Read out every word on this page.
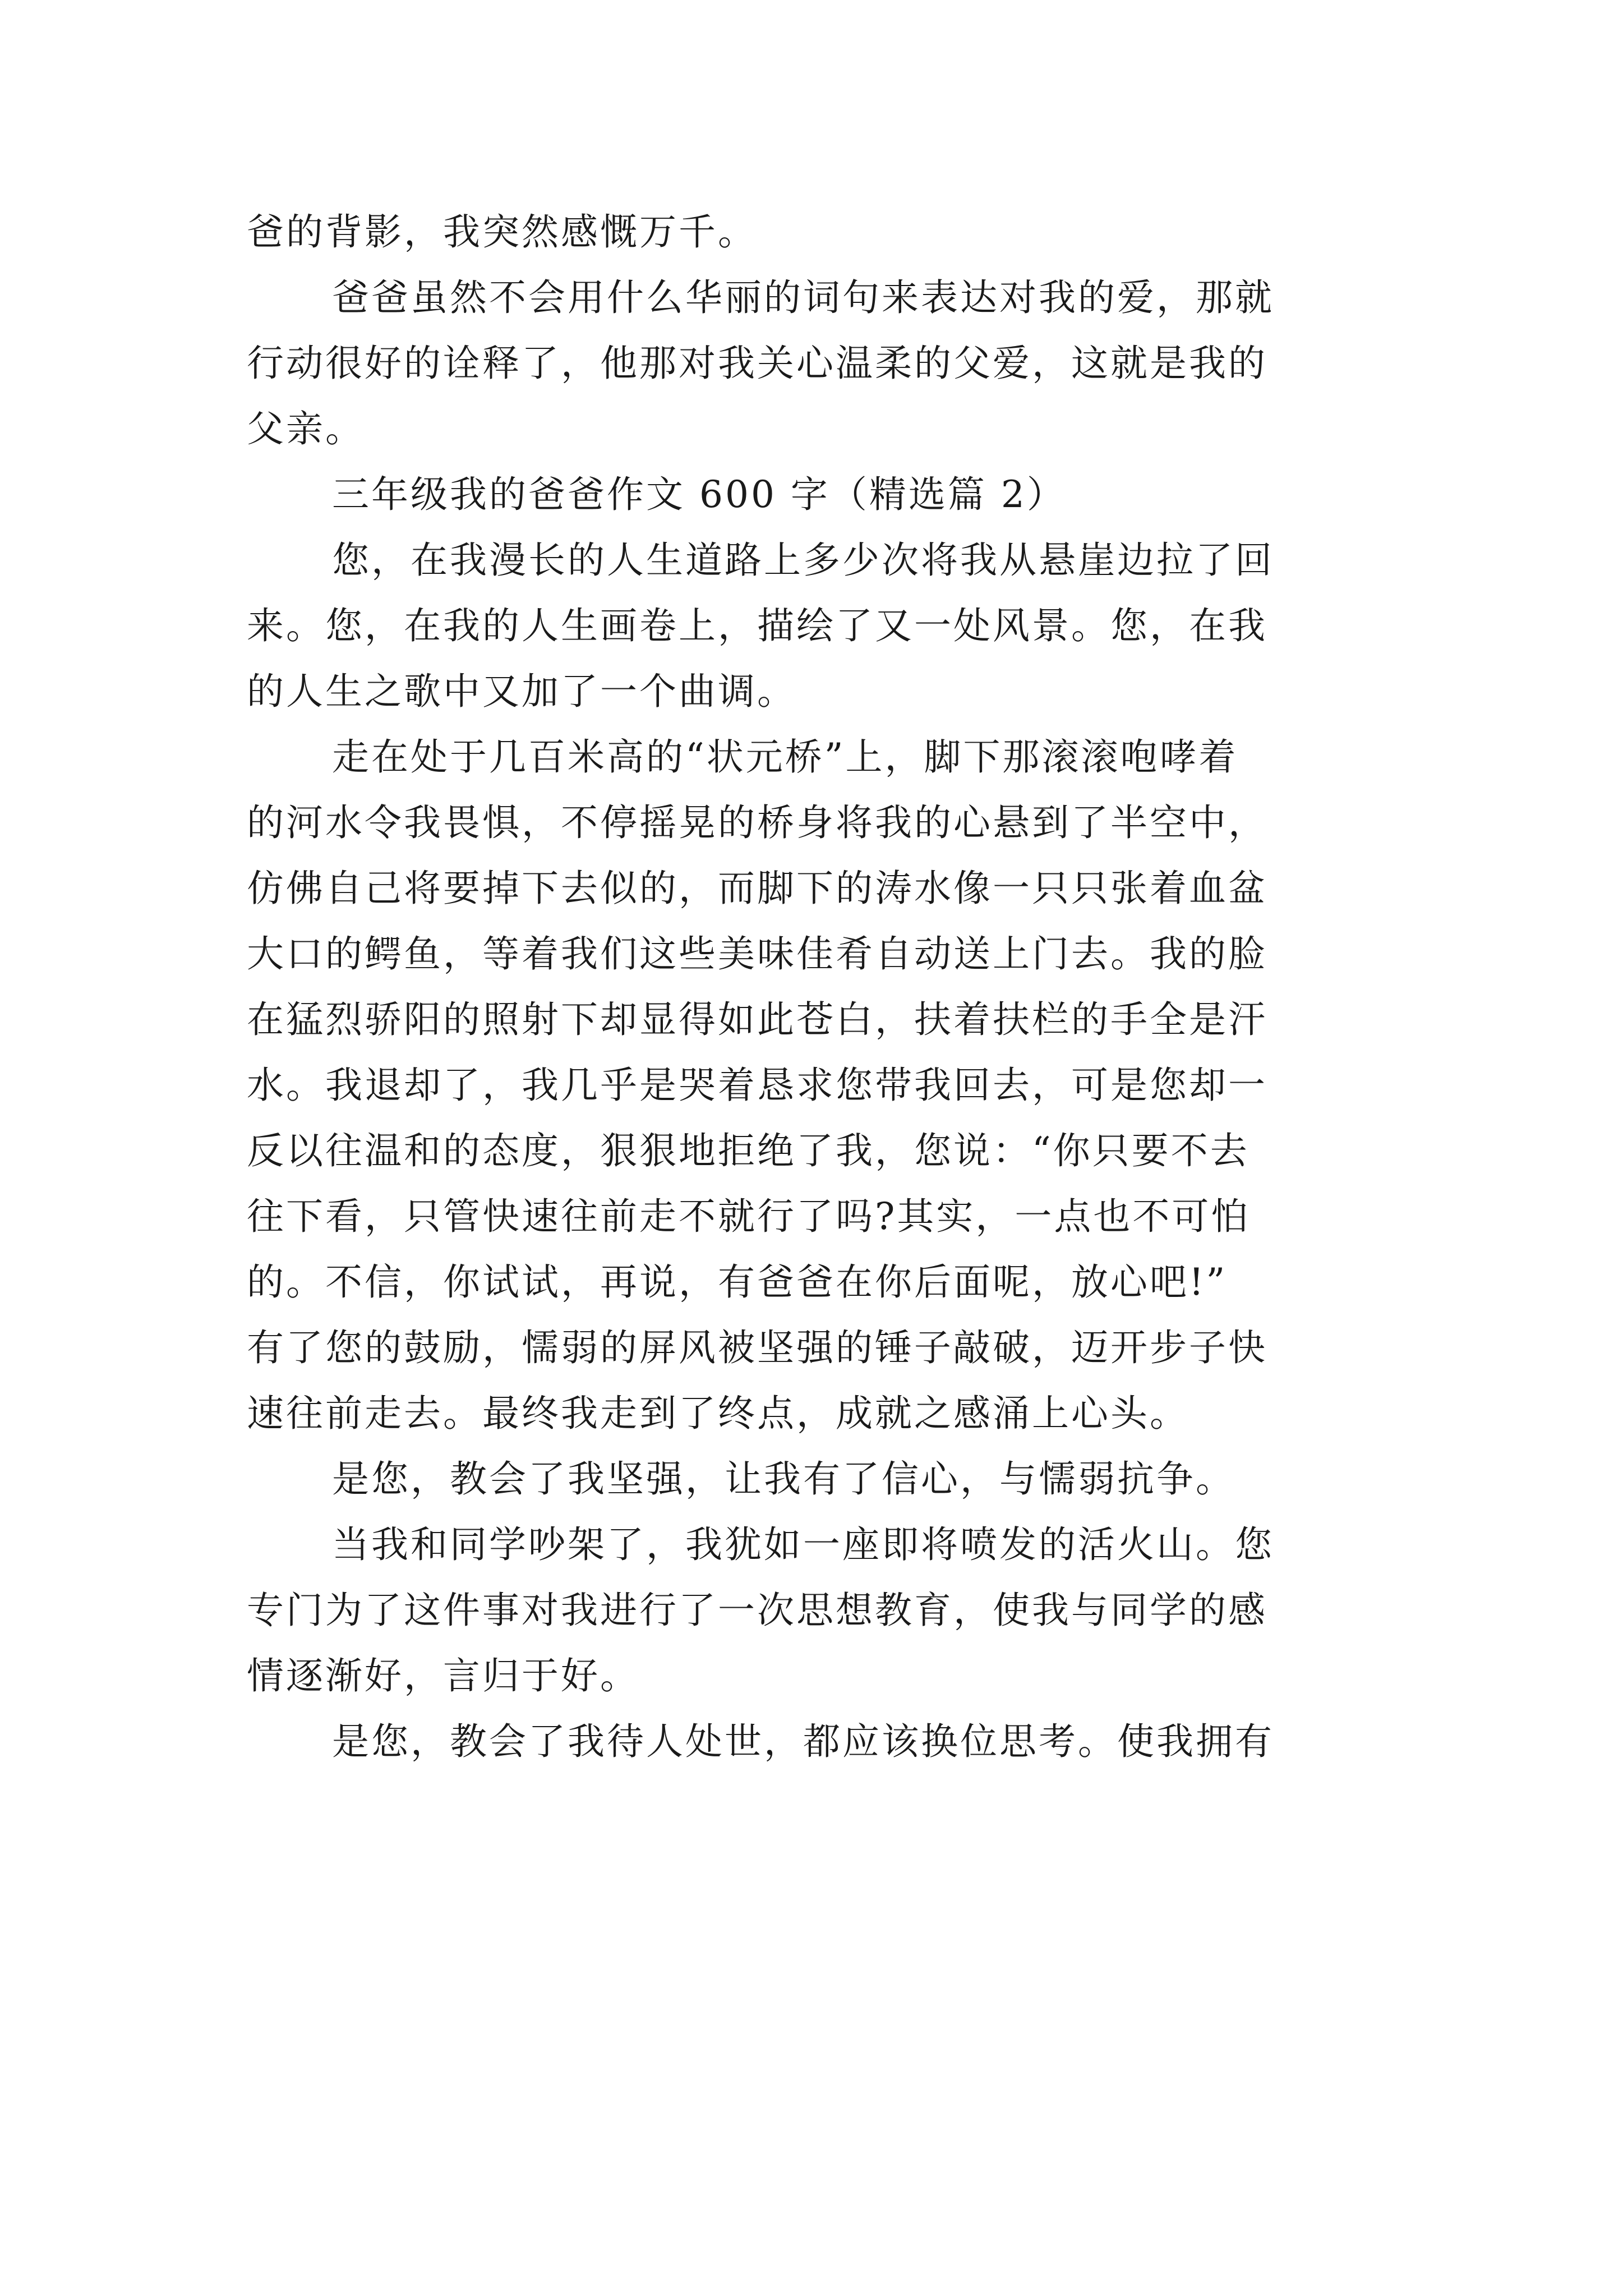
爸的背影，我突然感慨万千。
爸爸虽然不会用什么华丽的词句来表达对我的爱，那就
行动很好的诠释了，他那对我关心温柔的父爱，这就是我的
父亲。
三年级我的爸爸作文 600 字（精选篇 2）
您，在我漫长的人生道路上多少次将我从悬崖边拉了回
来。您，在我的人生画卷上，描绘了又一处风景。您，在我
的人生之歌中又加了一个曲调。
走在处于几百米高的“状元桥”上，脚下那滚滚咆哮着
的河水令我畏惧，不停摇晃的桥身将我的心悬到了半空中，
仿佛自己将要掉下去似的，而脚下的涛水像一只只张着血盆
大口的鳄鱼，等着我们这些美味佳肴自动送上门去。我的脸
在猛烈骄阳的照射下却显得如此苍白，扶着扶栏的手全是汗
水。我退却了，我几乎是哭着恳求您带我回去，可是您却一
反以往温和的态度，狠狠地拒绝了我，您说：“你只要不去
往下看，只管快速往前走不就行了吗?其实，一点也不可怕
的。不信，你试试，再说，有爸爸在你后面呢，放心吧!”
有了您的鼓励，懦弱的屏风被坚强的锤子敲破，迈开步子快
速往前走去。最终我走到了终点，成就之感涌上心头。
是您，教会了我坚强，让我有了信心，与懦弱抗争。
当我和同学吵架了，我犹如一座即将喷发的活火山。您
专门为了这件事对我进行了一次思想教育，使我与同学的感
情逐渐好，言归于好。
是您，教会了我待人处世，都应该换位思考。使我拥有
